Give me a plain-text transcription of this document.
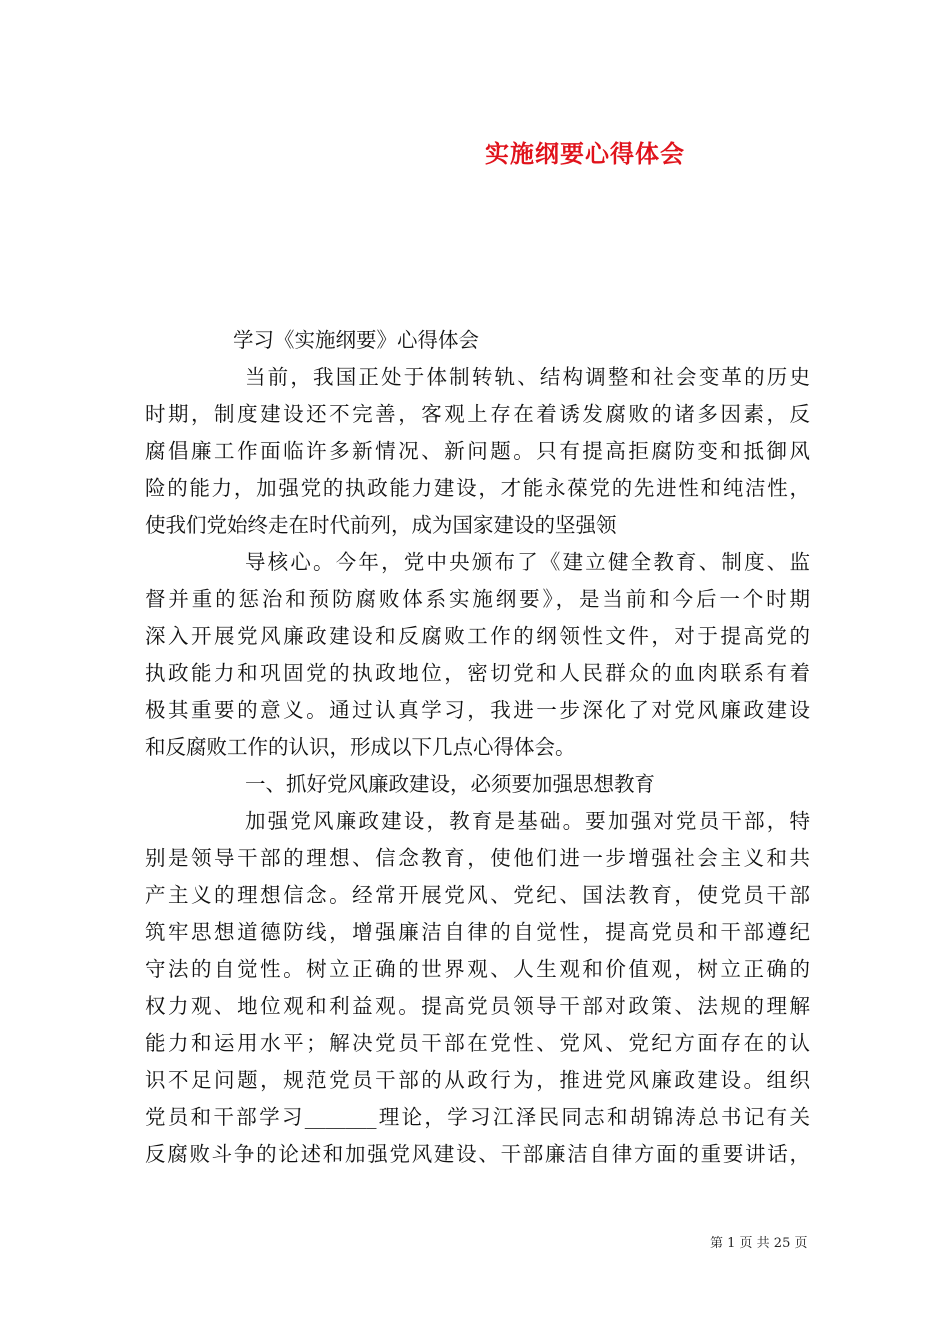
实施纲要心得体会
学习《实施纲要》心得体会
当前，我国正处于体制转轨、结构调整和社会变革的历史
时期，制度建设还不完善，客观上存在着诱发腐败的诸多因素，反
腐倡廉工作面临许多新情况、新问题。只有提高拒腐防变和抵御风
险的能力，加强党的执政能力建设，才能永葆党的先进性和纯洁性，
使我们党始终走在时代前列，成为国家建设的坚强领
导核心。今年，党中央颁布了《建立健全教育、制度、监
督并重的惩治和预防腐败体系实施纲要》，是当前和今后一个时期
深入开展党风廉政建设和反腐败工作的纲领性文件，对于提高党的
执政能力和巩固党的执政地位，密切党和人民群众的血肉联系有着
极其重要的意义。通过认真学习，我进一步深化了对党风廉政建设
和反腐败工作的认识，形成以下几点心得体会。
一、抓好党风廉政建设，必须要加强思想教育
加强党风廉政建设，教育是基础。要加强对党员干部，特
别是领导干部的理想、信念教育，使他们进一步增强社会主义和共
产主义的理想信念。经常开展党风、党纪、国法教育，使党员干部
筑牢思想道德防线，增强廉洁自律的自觉性，提高党员和干部遵纪
守法的自觉性。树立正确的世界观、人生观和价值观，树立正确的
权力观、地位观和利益观。提高党员领导干部对政策、法规的理解
能力和运用水平；解决党员干部在党性、党风、党纪方面存在的认
识不足问题，规范党员干部的从政行为，推进党风廉政建设。组织
党员和干部学习_______理论，学习江泽民同志和胡锦涛总书记有关
反腐败斗争的论述和加强党风建设、干部廉洁自律方面的重要讲话，
第 1 页 共 25 页
